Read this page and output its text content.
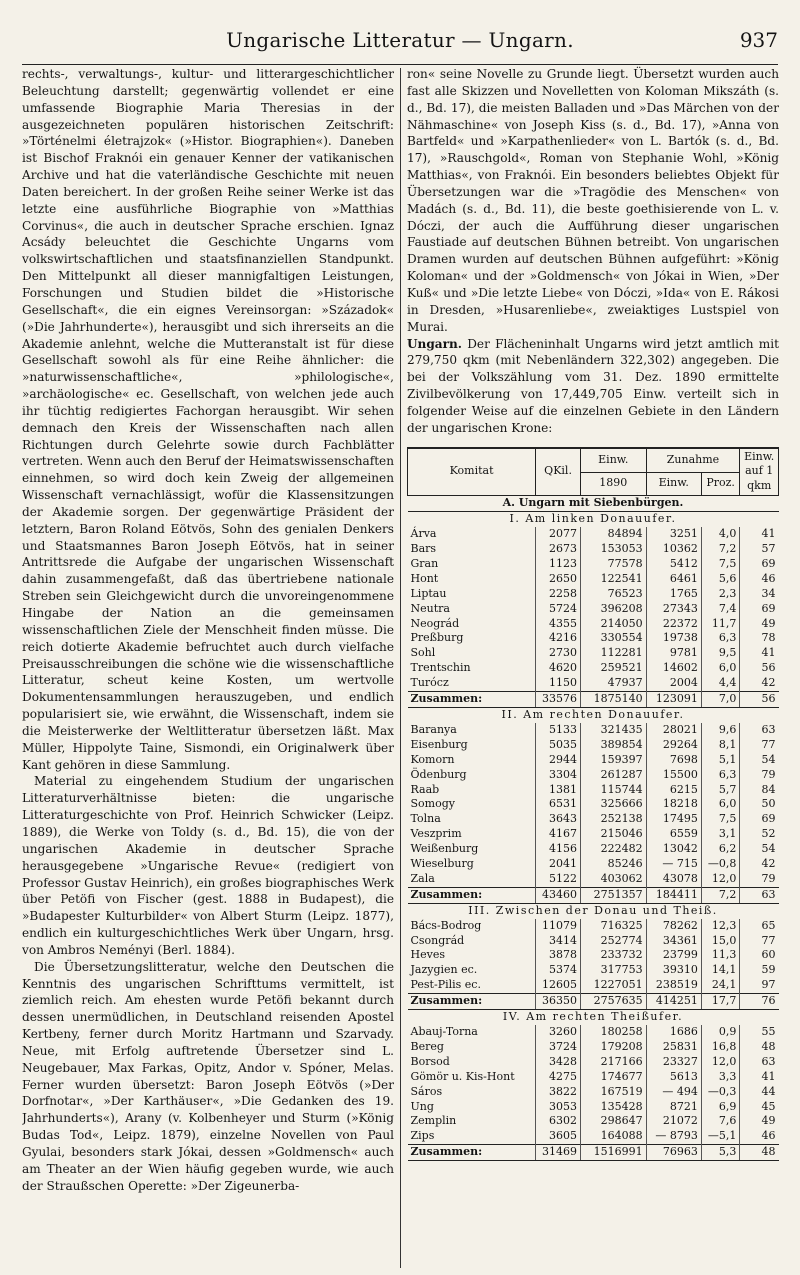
Ungarische Litteratur — Ungarn.	937

rechts-, verwaltungs-, kultur- und litterargeschichtlicher Beleuchtung darstellt; gegenwärtig vollendet er eine umfassende Biographie Maria Theresias in der ausgezeichneten populären historischen Zeitschrift: »Történelmi életrajzok« (»Histor. Biographien«). Daneben ist Bischof Fraknói ein genauer Kenner der vatikanischen Archive und hat die vaterländische Geschichte mit neuen Daten bereichert. In der großen Reihe seiner Werke ist das letzte eine ausführliche Biographie von »Matthias Corvinus«, die auch in deutscher Sprache erschien. Ignaz Acsády beleuchtet die Geschichte Ungarns vom volkswirtschaftlichen und staatsfinanziellen Standpunkt. Den Mittelpunkt all dieser mannigfaltigen Leistungen, Forschungen und Studien bildet die »Historische Gesellschaft«, die ein eignes Vereinsorgan: »Századok« (»Die Jahrhunderte«), herausgibt und sich ihrerseits an die Akademie anlehnt, welche die Mutteranstalt ist für diese Gesellschaft sowohl als für eine Reihe ähnlicher: die »naturwissenschaftliche«, »philologische«, »archäologische« ec. Gesellschaft, von welchen jede auch ihr tüchtig redigiertes Fachorgan herausgibt. Wir sehen demnach den Kreis der Wissenschaften nach allen Richtungen durch Gelehrte sowie durch Fachblätter vertreten. Wenn auch den Beruf der Heimatswissenschaften einnehmen, so wird doch kein Zweig der allgemeinen Wissenschaft vernachlässigt, wofür die Klassensitzungen der Akademie sorgen. Der gegenwärtige Präsident der letztern, Baron Roland Eötvös, Sohn des genialen Denkers und Staatsmannes Baron Joseph Eötvös, hat in seiner Antrittsrede die Aufgabe der ungarischen Wissenschaft dahin zusammengefaßt, daß das übertriebene nationale Streben sein Gleichgewicht durch die unvoreingenommene Hingabe der Nation an die gemeinsamen wissenschaftlichen Ziele der Menschheit finden müsse. Die reich dotierte Akademie befruchtet auch durch vielfache Preisausschreibungen die schöne wie die wissenschaftliche Litteratur, scheut keine Kosten, um wertvolle Dokumentensammlungen herauszugeben, und endlich popularisiert sie, wie erwähnt, die Wissenschaft, indem sie die Meisterwerke der Weltlitteratur übersetzen läßt. Max Müller, Hippolyte Taine, Sismondi, ein Originalwerk über Kant gehören in diese Sammlung.

Material zu eingehendem Studium der ungarischen Litteraturverhältnisse bieten: die ungarische Litteraturgeschichte von Prof. Heinrich Schwicker (Leipz. 1889), die Werke von Toldy (s. d., Bd. 15), die von der ungarischen Akademie in deutscher Sprache herausgegebene »Ungarische Revue« (redigiert von Professor Gustav Heinrich), ein großes biographisches Werk über Petöfi von Fischer (gest. 1888 in Budapest), die »Budapester Kulturbilder« von Albert Sturm (Leipz. 1877), endlich ein kulturgeschichtliches Werk über Ungarn, hrsg. von Ambros Neményi (Berl. 1884).

Die Übersetzungslitteratur, welche den Deutschen die Kenntnis des ungarischen Schrifttums vermittelt, ist ziemlich reich. Am ehesten wurde Petöfi bekannt durch dessen unermüdlichen, in Deutschland reisenden Apostel Kertbeny, ferner durch Moritz Hartmann und Szarvady. Neue, mit Erfolg auftretende Übersetzer sind L. Neugebauer, Max Farkas, Opitz, Andor v. Spóner, Melas. Ferner wurden übersetzt: Baron Joseph Eötvös (»Der Dorfnotar«, »Der Karthäuser«, »Die Gedanken des 19. Jahrhunderts«), Arany (v. Kolbenheyer und Sturm (»König Budas Tod«, Leipz. 1879), einzelne Novellen von Paul Gyulai, besonders stark Jókai, dessen »Goldmensch« auch am Theater an der Wien häufig gegeben wurde, wie auch der Straußschen Operette: »Der Zigeunerba-

ron« seine Novelle zu Grunde liegt. Übersetzt wurden auch fast alle Skizzen und Novelletten von Koloman Mikszáth (s. d., Bd. 17), die meisten Balladen und »Das Märchen von der Nähmaschine« von Joseph Kiss (s. d., Bd. 17), »Anna von Bartfeld« und »Karpathenlieder« von L. Bartók (s. d., Bd. 17), »Rauschgold«, Roman von Stephanie Wohl, »König Matthias«, von Fraknói. Ein besonders beliebtes Objekt für Übersetzungen war die »Tragödie des Menschen« von Madách (s. d., Bd. 11), die beste goethisierende von L. v. Dóczi, der auch die Aufführung dieser ungarischen Faustiade auf deutschen Bühnen betreibt. Von ungarischen Dramen wurden auf deutschen Bühnen aufgeführt: »König Koloman« und der »Goldmensch« von Jókai in Wien, »Der Kuß« und »Die letzte Liebe« von Dóczi, »Ida« von E. Rákosi in Dresden, »Husarenliebe«, zweiaktiges Lustspiel von Murai.

Ungarn. Der Flächeninhalt Ungarns wird jetzt amtlich mit 279,750 qkm (mit Nebenländern 322,302) angegeben. Die bei der Volkszählung vom 31. Dez. 1890 ermittelte Zivilbevölkerung von 17,449,705 Einw. verteilt sich in folgender Weise auf die einzelnen Gebiete in den Ländern der ungarischen Krone:

Komitat	QKil.	Einw.	Zunahme		Einw. auf 1 qkm
		1890	Einw.	Proz.	
A. Ungarn mit Siebenbürgen.					
I. Am linken Donauufer.					
Árva	2077	84894	3251	4,0	41
Bars	2673	153053	10362	7,2	57
Gran	1123	77578	5412	7,5	69
Hont	2650	122541	6461	5,6	46
Liptau	2258	76523	1765	2,3	34
Neutra	5724	396208	27343	7,4	69
Neográd	4355	214050	22372	11,7	49
Preßburg	4216	330554	19738	6,3	78
Sohl	2730	112281	9781	9,5	41
Trentschin	4620	259521	14602	6,0	56
Turócz	1150	47937	2004	4,4	42
Zusammen:	33576	1875140	123091	7,0	56
II. Am rechten Donauufer.					
Baranya	5133	321435	28021	9,6	63
Eisenburg	5035	389854	29264	8,1	77
Komorn	2944	159397	7698	5,1	54
Ödenburg	3304	261287	15500	6,3	79
Raab	1381	115744	6215	5,7	84
Somogy	6531	325666	18218	6,0	50
Tolna	3643	252138	17495	7,5	69
Veszprim	4167	215046	6559	3,1	52
Weißenburg	4156	222482	13042	6,2	54
Wieselburg	2041	85246	— 715	—0,8	42
Zala	5122	403062	43078	12,0	79
Zusammen:	43460	2751357	184411	7,2	63
III. Zwischen der Donau und Theiß.					
Bács-Bodrog	11079	716325	78262	12,3	65
Csongrád	3414	252774	34361	15,0	77
Heves	3878	233732	23799	11,3	60
Jazygien ec.	5374	317753	39310	14,1	59
Pest-Pilis ec.	12605	1227051	238519	24,1	97
Zusammen:	36350	2757635	414251	17,7	76
IV. Am rechten Theißufer.					
Abauj-Torna	3260	180258	1686	0,9	55
Bereg	3724	179208	25831	16,8	48
Borsod	3428	217166	23327	12,0	63
Gömör u. Kis-Hont	4275	174677	5613	3,3	41
Sáros	3822	167519	— 494	—0,3	44
Ung	3053	135428	8721	6,9	45
Zemplin	6302	298647	21072	7,6	49
Zips	3605	164088	— 8793	—5,1	46
Zusammen:	31469	1516991	76963	5,3	48
